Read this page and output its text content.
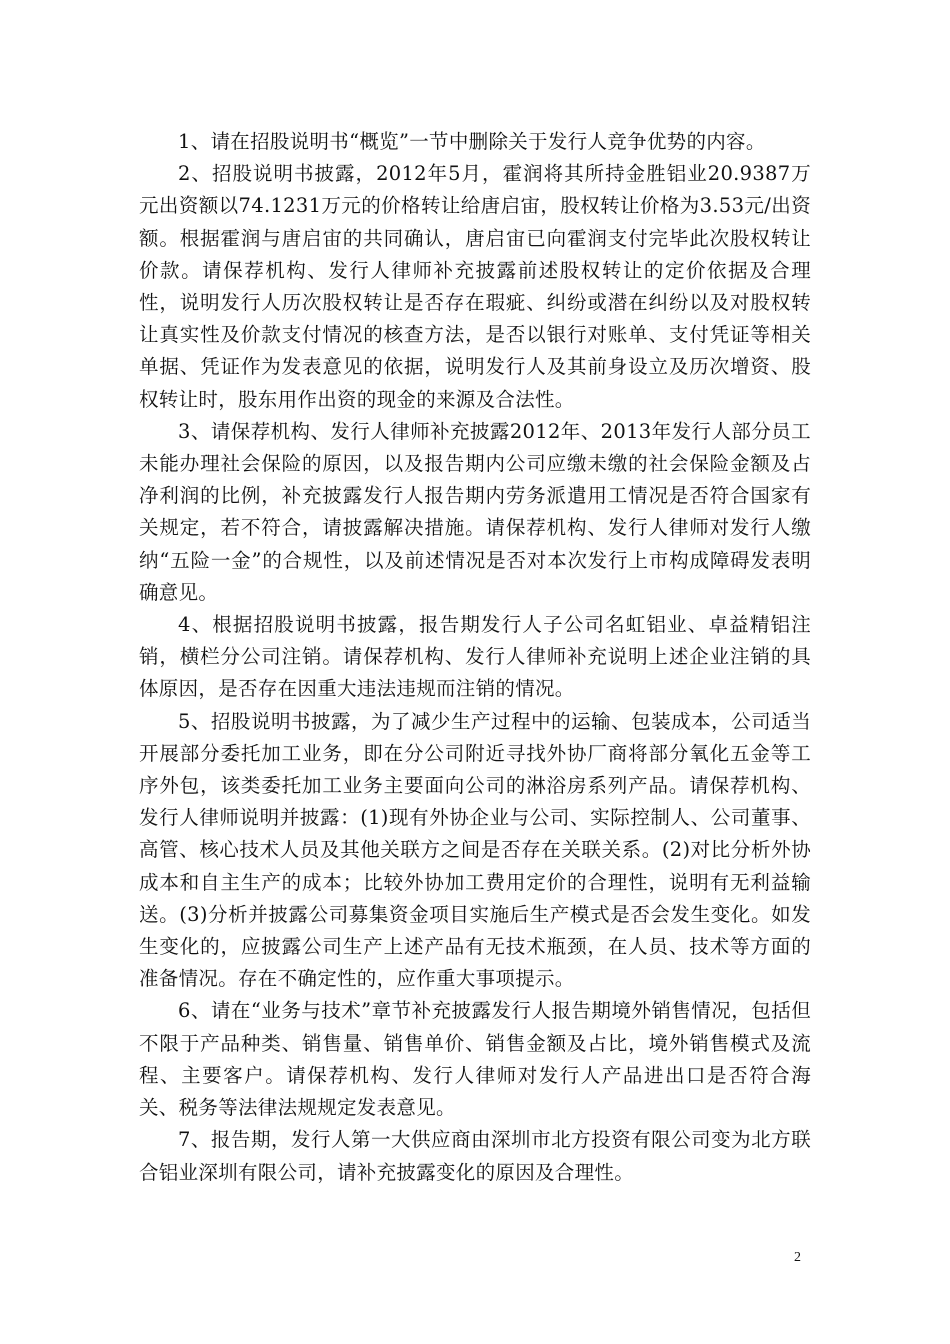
1、请在招股说明书“概览”一节中删除关于发行人竞争优势的内容。

2、招股说明书披露，2012年5月，霍润将其所持金胜铝业20.9387万元出资额以74.1231万元的价格转让给唐启宙，股权转让价格为3.53元/出资额。根据霍润与唐启宙的共同确认，唐启宙已向霍润支付完毕此次股权转让价款。请保荐机构、发行人律师补充披露前述股权转让的定价依据及合理性，说明发行人历次股权转让是否存在瑕疵、纠纷或潜在纠纷以及对股权转让真实性及价款支付情况的核查方法，是否以银行对账单、支付凭证等相关单据、凭证作为发表意见的依据，说明发行人及其前身设立及历次增资、股权转让时，股东用作出资的现金的来源及合法性。

3、请保荐机构、发行人律师补充披露2012年、2013年发行人部分员工未能办理社会保险的原因，以及报告期内公司应缴未缴的社会保险金额及占净利润的比例，补充披露发行人报告期内劳务派遣用工情况是否符合国家有关规定，若不符合，请披露解决措施。请保荐机构、发行人律师对发行人缴纳“五险一金”的合规性，以及前述情况是否对本次发行上市构成障碍发表明确意见。

4、根据招股说明书披露，报告期发行人子公司名虹铝业、卓益精铝注销，横栏分公司注销。请保荐机构、发行人律师补充说明上述企业注销的具体原因，是否存在因重大违法违规而注销的情况。

5、招股说明书披露，为了减少生产过程中的运输、包装成本，公司适当开展部分委托加工业务，即在分公司附近寻找外协厂商将部分氧化五金等工序外包，该类委托加工业务主要面向公司的淋浴房系列产品。请保荐机构、发行人律师说明并披露：(1)现有外协企业与公司、实际控制人、公司董事、高管、核心技术人员及其他关联方之间是否存在关联关系。(2)对比分析外协成本和自主生产的成本；比较外协加工费用定价的合理性，说明有无利益输送。(3)分析并披露公司募集资金项目实施后生产模式是否会发生变化。如发生变化的，应披露公司生产上述产品有无技术瓶颈，在人员、技术等方面的准备情况。存在不确定性的，应作重大事项提示。

6、请在“业务与技术”章节补充披露发行人报告期境外销售情况，包括但不限于产品种类、销售量、销售单价、销售金额及占比，境外销售模式及流程、主要客户。请保荐机构、发行人律师对发行人产品进出口是否符合海关、税务等法律法规规定发表意见。

7、报告期，发行人第一大供应商由深圳市北方投资有限公司变为北方联合铝业深圳有限公司，请补充披露变化的原因及合理性。

2
